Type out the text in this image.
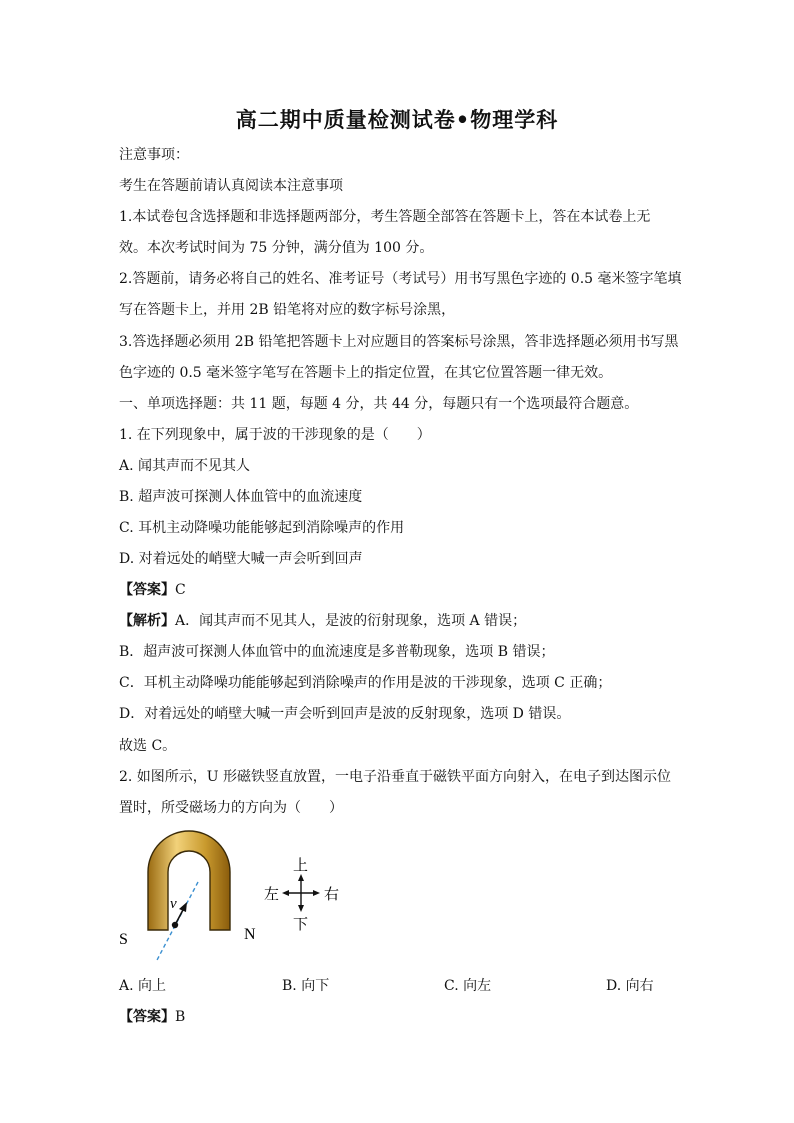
高二期中质量检测试卷•物理学科
注意事项：
考生在答题前请认真阅读本注意事项
1.本试卷包含选择题和非选择题两部分，考生答题全部答在答题卡上，答在本试卷上无
效。本次考试时间为 75 分钟，满分值为 100 分。
2.答题前，请务必将自己的姓名、准考证号（考试号）用书写黑色字迹的 0.5 毫米签字笔填
写在答题卡上，并用 2B 铅笔将对应的数字标号涂黑，
3.答选择题必须用 2B 铅笔把答题卡上对应题目的答案标号涂黑，答非选择题必须用书写黑
色字迹的 0.5 毫米签字笔写在答题卡上的指定位置，在其它位置答题一律无效。
一、单项选择题：共 11 题，每题 4 分，共 44 分，每题只有一个选项最符合题意。
1. 在下列现象中，属于波的干涉现象的是（　　）
A. 闻其声而不见其人
B. 超声波可探测人体血管中的血流速度
C. 耳机主动降噪功能能够起到消除噪声的作用
D. 对着远处的峭壁大喊一声会听到回声
【答案】C
【解析】A．闻其声而不见其人，是波的衍射现象，选项 A 错误；
B．超声波可探测人体血管中的血流速度是多普勒现象，选项 B 错误；
C．耳机主动降噪功能能够起到消除噪声的作用是波的干涉现象，选项 C 正确；
D．对着远处的峭壁大喊一声会听到回声是波的反射现象，选项 D 错误。
故选 C。
2. 如图所示，U 形磁铁竖直放置，一电子沿垂直于磁铁平面方向射入，在电子到达图示位
置时，所受磁场力的方向为（　　）
v
S	N
上
下
左	右
A. 向上	B. 向下	C. 向左	D. 向右
【答案】B
